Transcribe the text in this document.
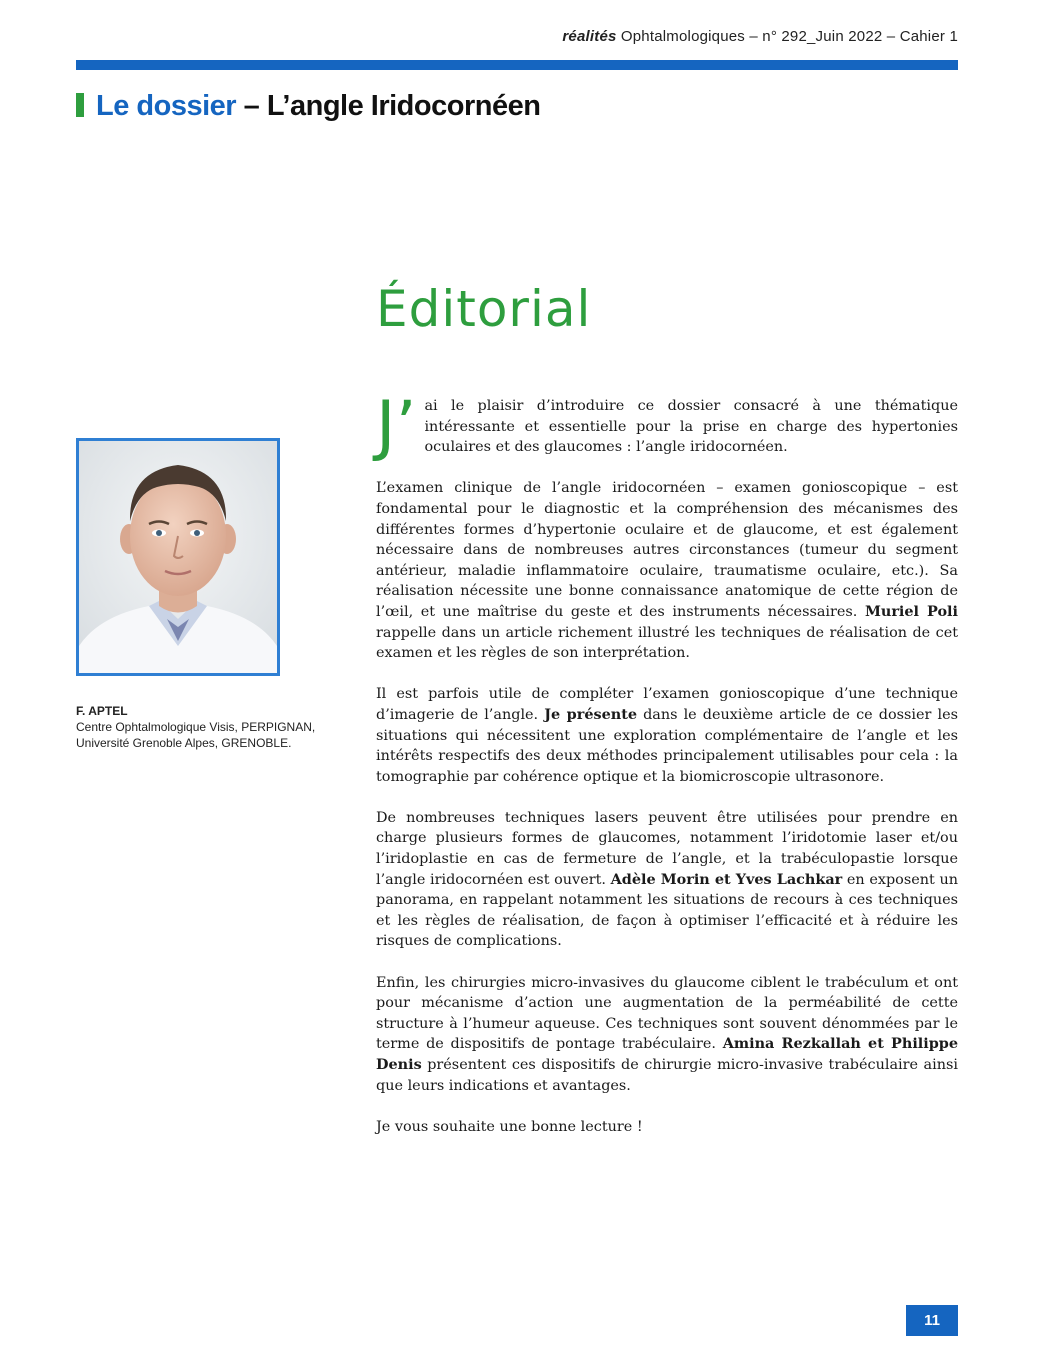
réalités Ophtalmologiques – n° 292_Juin 2022 – Cahier 1
Le dossier – L’angle Iridocornéen
Éditorial
F. APTEL
Centre Ophtalmologique Visis, PERPIGNAN,
Université Grenoble Alpes, GRENOBLE.

J’ ai le plaisir d’introduire ce dossier consacré à une thématique intéressante et essentielle pour la prise en charge des hypertonies oculaires et des glaucomes : l’angle iridocornéen.

L’examen clinique de l’angle iridocornéen – examen gonioscopique – est fondamental pour le diagnostic et la compréhension des mécanismes des différentes formes d’hypertonie oculaire et de glaucome, et est également nécessaire dans de nombreuses autres circonstances (tumeur du segment antérieur, maladie inflammatoire oculaire, traumatisme oculaire, etc.). Sa réalisation nécessite une bonne connaissance anatomique de cette région de l’œil, et une maîtrise du geste et des instruments nécessaires. Muriel Poli rappelle dans un article richement illustré les techniques de réalisation de cet examen et les règles de son interprétation.

Il est parfois utile de compléter l’examen gonioscopique d’une technique d’imagerie de l’angle. Je présente dans le deuxième article de ce dossier les situations qui nécessitent une exploration complémentaire de l’angle et les intérêts respectifs des deux méthodes principalement utilisables pour cela : la tomographie par cohérence optique et la biomicroscopie ultrasonore.

De nombreuses techniques lasers peuvent être utilisées pour prendre en charge plusieurs formes de glaucomes, notamment l’iridotomie laser et/ou l’iridoplastie en cas de fermeture de l’angle, et la trabéculopastie lorsque l’angle iridocornéen est ouvert. Adèle Morin et Yves Lachkar en exposent un panorama, en rappelant notamment les situations de recours à ces techniques et les règles de réalisation, de façon à optimiser l’efficacité et à réduire les risques de complications.

Enfin, les chirurgies micro-invasives du glaucome ciblent le trabéculum et ont pour mécanisme d’action une augmentation de la perméabilité de cette structure à l’humeur aqueuse. Ces techniques sont souvent dénommées par le terme de dispositifs de pontage trabéculaire. Amina Rezkallah et Philippe Denis présentent ces dispositifs de chirurgie micro-invasive trabéculaire ainsi que leurs indications et avantages.

Je vous souhaite une bonne lecture !

11
